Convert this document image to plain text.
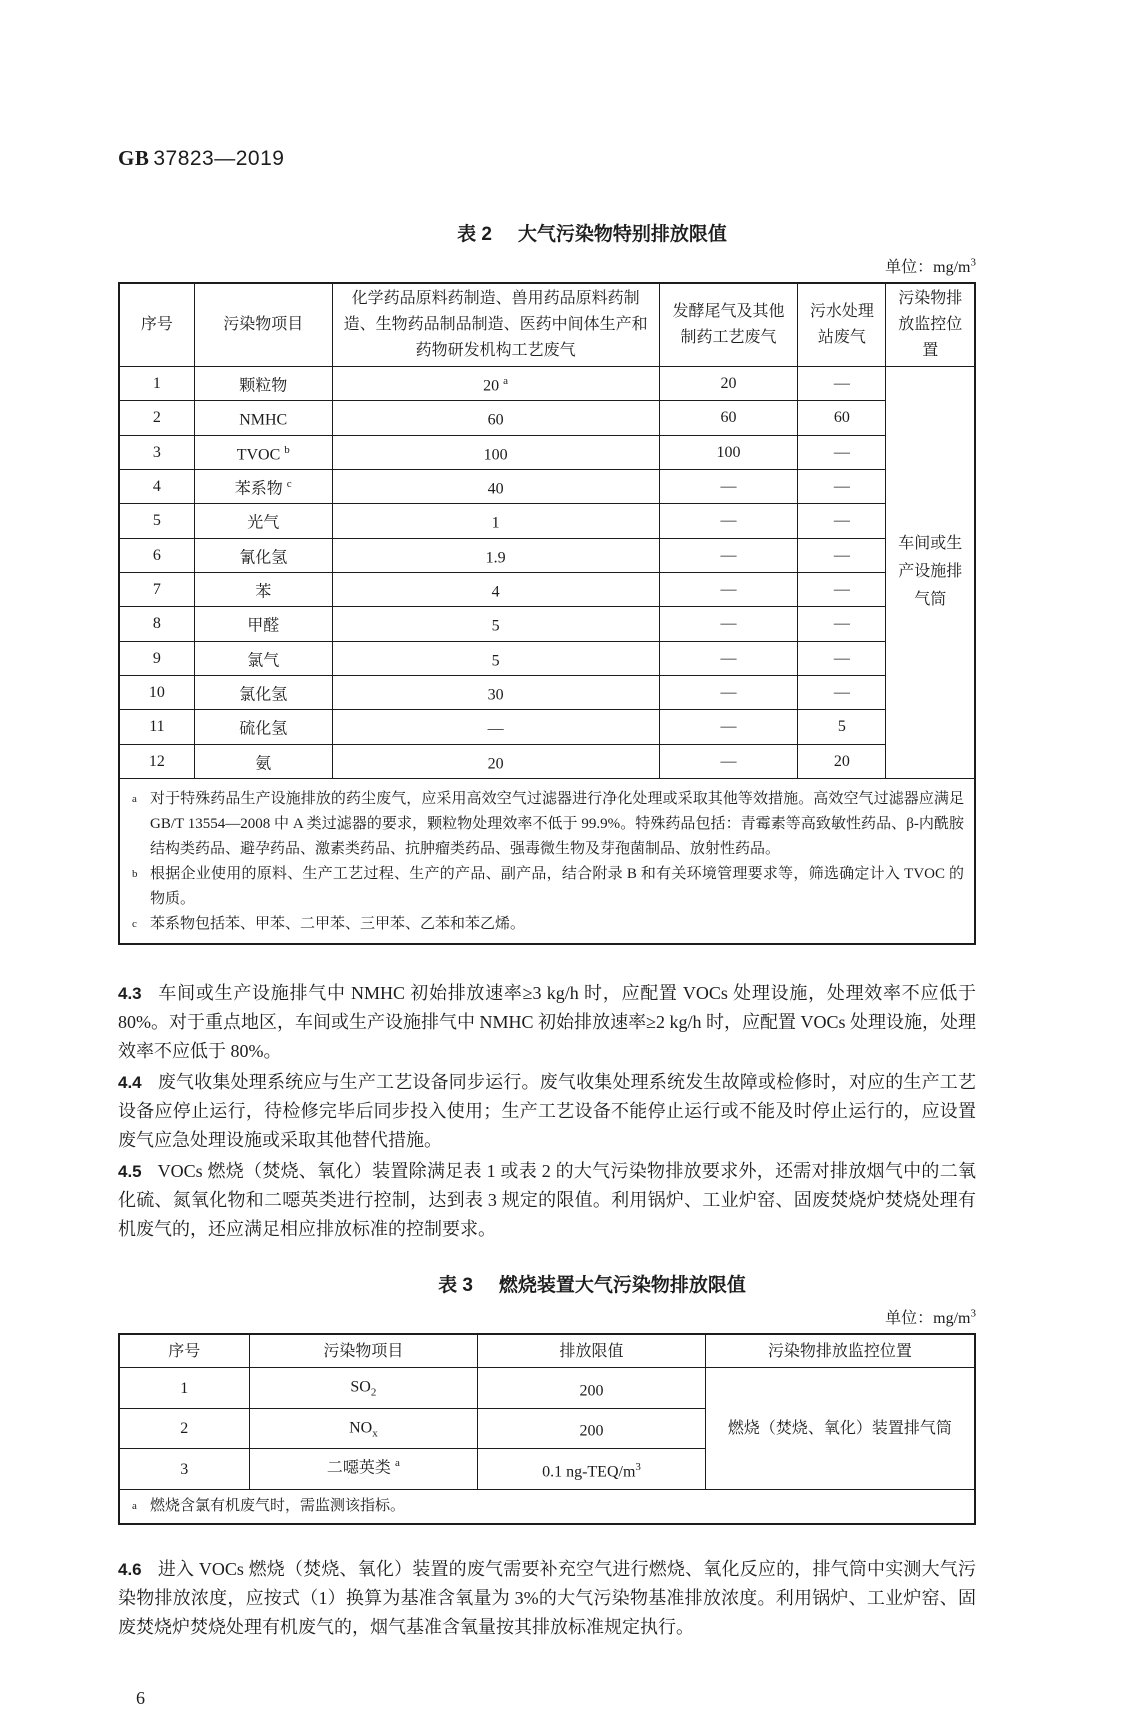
GB 37823—2019
表 2 大气污染物特别排放限值
单位：$mg/m^3$
序号	污染物项目	化学药品原料药制造、兽用药品原料药制造、生物药品制品制造、医药中间体生产和药物研发机构工艺废气	发酵尾气及其他制药工艺废气	污水处理站废气	污染物排放监控位置
1	颗粒物	20 $^a$	20	—	车间或生产设施排气筒
2	NMHC	60	60	60	
3	TVOC $^b$	100	100	—	
4	苯系物 $^c$	40	—	—	
5	光气	1	—	—	
6	氰化氢	1.9	—	—	
7	苯	4	—	—	
8	甲醛	5	—	—	
9	氯气	5	—	—	
10	氯化氢	30	—	—	
11	硫化氢	—	—	5	
12	氨	20	—	20	

a 对于特殊药品生产设施排放的药尘废气，应采用高效空气过滤器进行净化处理或采取其他等效措施。高效空气过滤器应满足 GB/T 13554—2008 中 A 类过滤器的要求，颗粒物处理效率不低于 99.9%。特殊药品包括：青霉素等高致敏性药品、β-内酰胺结构类药品、避孕药品、激素类药品、抗肿瘤类药品、强毒微生物及芽孢菌制品、放射性药品。
b 根据企业使用的原料、生产工艺过程、生产的产品、副产品，结合附录 B 和有关环境管理要求等，筛选确定计入 TVOC 的物质。
c 苯系物包括苯、甲苯、二甲苯、三甲苯、乙苯和苯乙烯。

4.3 车间或生产设施排气中 NMHC 初始排放速率≥3 kg/h 时，应配置 VOCs 处理设施，处理效率不应低于 80%。对于重点地区，车间或生产设施排气中 NMHC 初始排放速率≥2 kg/h 时，应配置 VOCs 处理设施，处理效率不应低于 80%。

4.4 废气收集处理系统应与生产工艺设备同步运行。废气收集处理系统发生故障或检修时，对应的生产工艺设备应停止运行，待检修完毕后同步投入使用；生产工艺设备不能停止运行或不能及时停止运行的，应设置废气应急处理设施或采取其他替代措施。

4.5 VOCs 燃烧（焚烧、氧化）装置除满足表 1 或表 2 的大气污染物排放要求外，还需对排放烟气中的二氧化硫、氮氧化物和二噁英类进行控制，达到表 3 规定的限值。利用锅炉、工业炉窑、固废焚烧炉焚烧处理有机废气的，还应满足相应排放标准的控制要求。

表 3 燃烧装置大气污染物排放限值
单位：$mg/m^3$
序号	污染物项目	排放限值	污染物排放监控位置
1	$SO_2$	200	燃烧（焚烧、氧化）装置排气筒
2	$NO_x$	200	
3	二噁英类 $^a$	0.1 $ng-TEQ/m^3$

a 燃烧含氯有机废气时，需监测该指标。			

4.6 进入 VOCs 燃烧（焚烧、氧化）装置的废气需要补充空气进行燃烧、氧化反应的，排气筒中实测大气污染物排放浓度，应按式（1）换算为基准含氧量为 3%的大气污染物基准排放浓度。利用锅炉、工业炉窑、固废焚烧炉焚烧处理有机废气的，烟气基准含氧量按其排放标准规定执行。

6
